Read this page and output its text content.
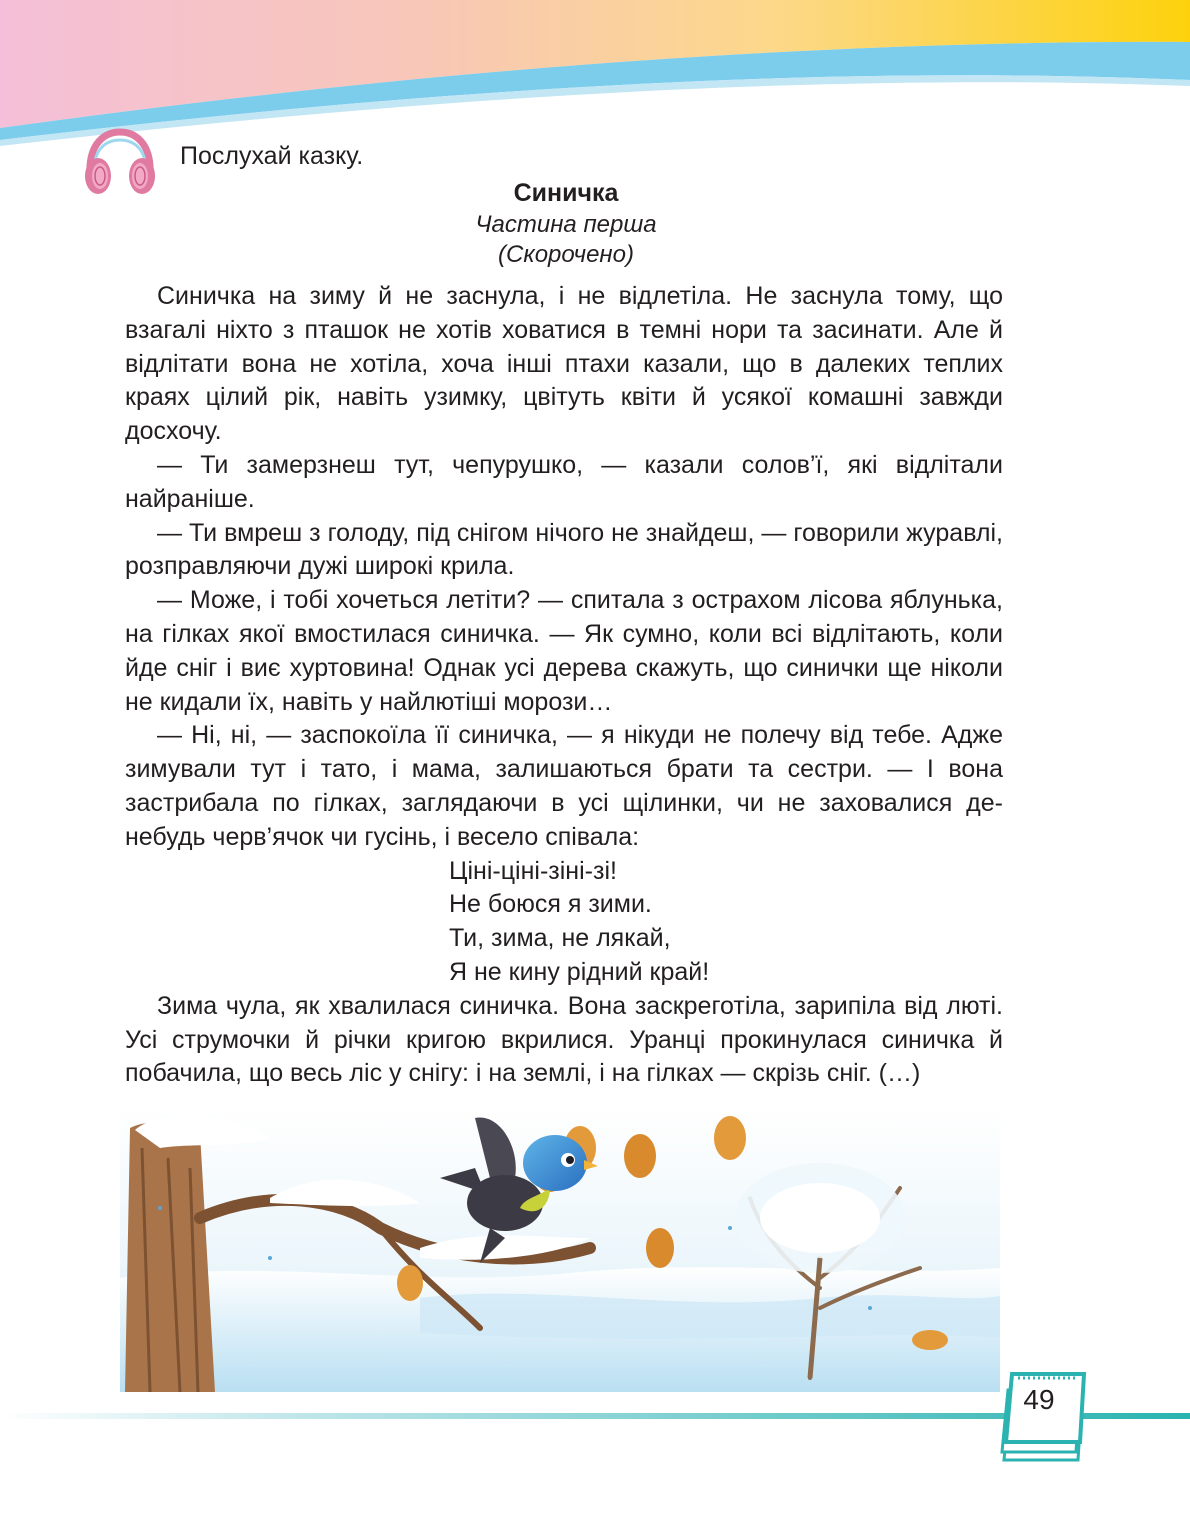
Послухай казку.
Синичка
Частина перша
(Скорочено)

Синичка на зиму й не заснула, і не відлетіла. Не заснула тому, що взагалі ніхто з пташок не хотів ховатися в темні нори та засинати. Але й відлітати вона не хотіла, хоча інші птахи казали, що в далеких теплих краях цілий рік, навіть узимку, цвітуть квіти й усякої комашні завжди досхочу.

— Ти замерзнеш тут, чепурушко, — казали солов’ї, які відлітали найраніше.

— Ти вмреш з голоду, під снігом нічого не знайдеш, — говорили журавлі, розправляючи дужі широкі крила.

— Може, і тобі хочеться летіти? — спитала з острахом лісова яблунька, на гілках якої вмостилася синичка. — Як сумно, коли всі відлітають, коли йде сніг і виє хуртовина! Однак усі дерева скажуть, що синички ще ніколи не кидали їх, навіть у найлютіші морози…

— Ні, ні, — заспокоїла її синичка, — я нікуди не полечу від тебе. Адже зимували тут і тато, і мама, залишаються брати та сестри. — І вона застрибала по гілках, заглядаючи в усі щілинки, чи не заховалися де-небудь черв’ячок чи гусінь, і весело співала:

Ціні-ціні-зіні-зі!
Не боюся я зими.
Ти, зима, не лякай,
Я не кину рідний край!

Зима чула, як хвалилася синичка. Вона заскреготіла, зарипіла від люті. Усі струмочки й річки кригою вкрилися. Уранці прокинулася синичка й побачила, що весь ліс у снігу: і на землі, і на гілках — скрізь сніг. (…)

49
